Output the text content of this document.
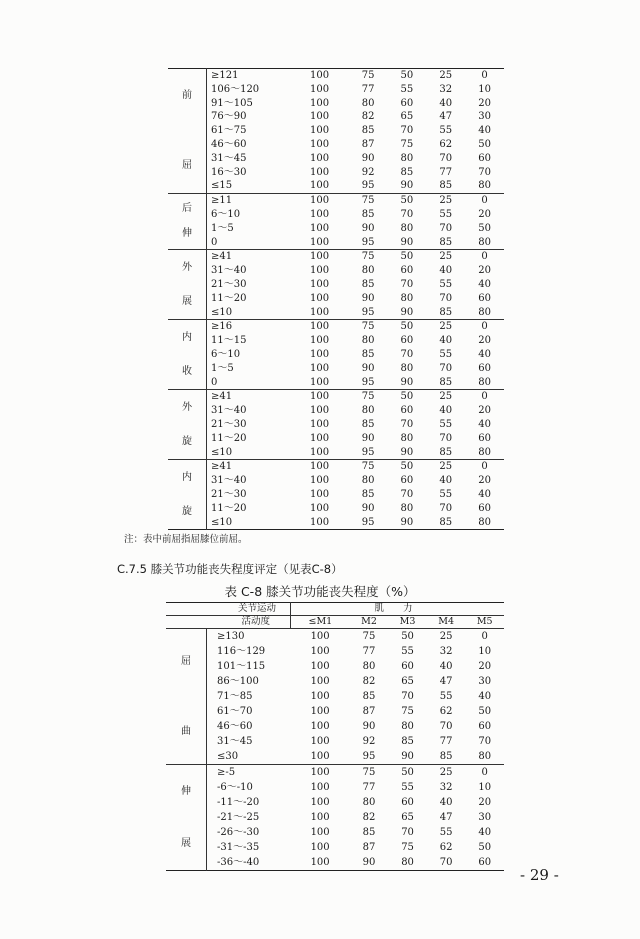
前
屈	≥121	100	75	50	25	0
	106～120	100	77	55	32	10
	91～105	100	80	60	40	20
	76～90	100	82	65	47	30
	61～75	100	85	70	55	40
	46～60	100	87	75	62	50
	31～45	100	90	80	70	60
	16～30	100	92	85	77	70
	≤15	100	95	90	85	80

后
伸	≥11	100	75	50	25	0
	6～10	100	85	70	55	20
	1～5	100	90	80	70	50
	0	100	95	90	85	80

外
展	≥41	100	75	50	25	0
	31～40	100	80	60	40	20
	21～30	100	85	70	55	40
	11～20	100	90	80	70	60
	≤10	100	95	90	85	80

内
收	≥16	100	75	50	25	0
	11～15	100	80	60	40	20
	6～10	100	85	70	55	40
	1～5	100	90	80	70	60
	0	100	95	90	85	80

外
旋	≥41	100	75	50	25	0
	31～40	100	80	60	40	20
	21～30	100	85	70	55	40
	11～20	100	90	80	70	60
	≤10	100	95	90	85	80

内
旋	≥41	100	75	50	25	0
	31～40	100	80	60	40	20
	21～30	100	85	70	55	40
	11～20	100	90	80	70	60
	≤10	100	95	90	85	80
注：表中前屈指屈膝位前屈。
C.7.5 膝关节功能丧失程度评定（见表C-8）
表 C-8 膝关节功能丧失程度（%）
关节运动		肌 力				
活动度		≤M1	M2	M3	M4	M5

屈
曲	≥130	100	75	50	25	0
	116～129	100	77	55	32	10
	101～115	100	80	60	40	20
	86～100	100	82	65	47	30
	71～85	100	85	70	55	40
	61～70	100	87	75	62	50
	46～60	100	90	80	70	60
	31～45	100	92	85	77	70
	≤30	100	95	90	85	80

伸
展	≥-5	100	75	50	25	0
	-6～-10	100	77	55	32	10
	-11～-20	100	80	60	40	20
	-21～-25	100	82	65	47	30
	-26～-30	100	85	70	55	40
	-31～-35	100	87	75	62	50
	-36～-40	100	90	80	70	60
- 29 -
